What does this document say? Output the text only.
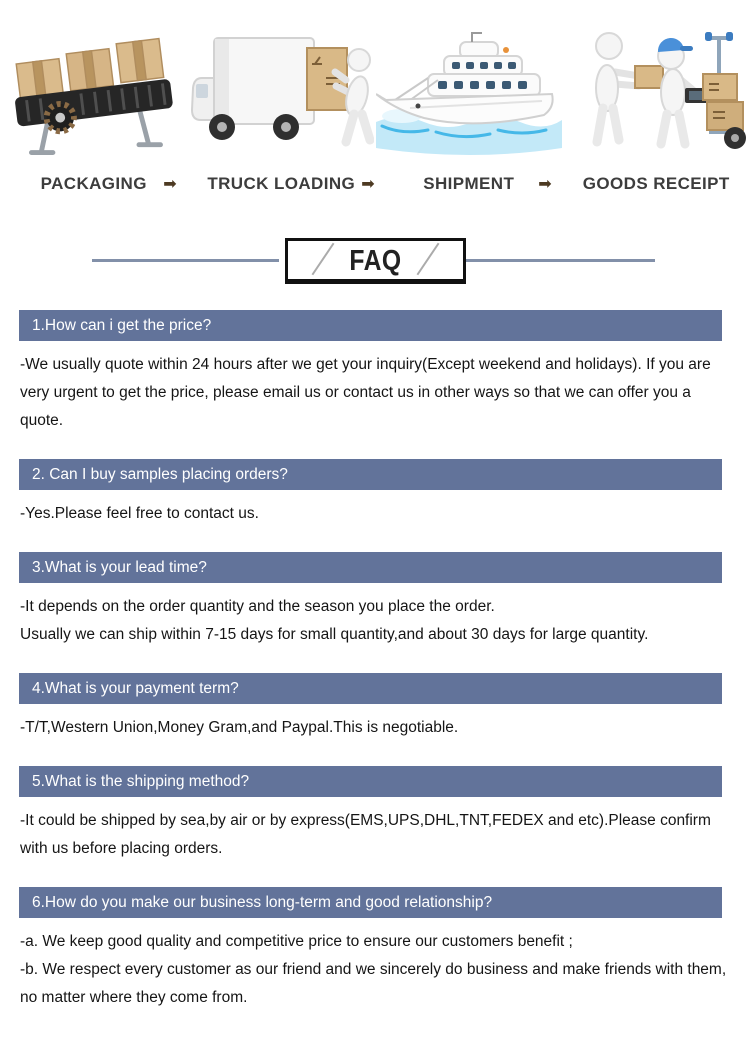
PACKAGING	TRUCK LOADING	SHIPMENT	GOODS RECEIPT
➡	➡	➡
FAQ
1.How can i get the price?

-We usually quote within 24 hours after we get your inquiry(Except weekend and holidays). If you are very urgent to get the price, please email us or contact us in other ways so that we can offer you a quote.

2. Can I buy samples placing orders?

-Yes.Please feel free to contact us.

3.What is your lead time?

-It depends on the order quantity and the season you place the order.

Usually we can ship within 7-15 days for small quantity,and about 30 days for large quantity.

4.What is your payment term?

-T/T,Western Union,Money Gram,and Paypal.This is negotiable.

5.What is the shipping method?

-It could be shipped by sea,by air or by express(EMS,UPS,DHL,TNT,FEDEX and etc).Please confirm with us before placing orders.

6.How do you make our business long-term and good relationship?

-a. We keep good quality and competitive price to ensure our customers benefit ;

-b. We respect every customer as our friend and we sincerely do business and make friends with them, no matter where they come from.
